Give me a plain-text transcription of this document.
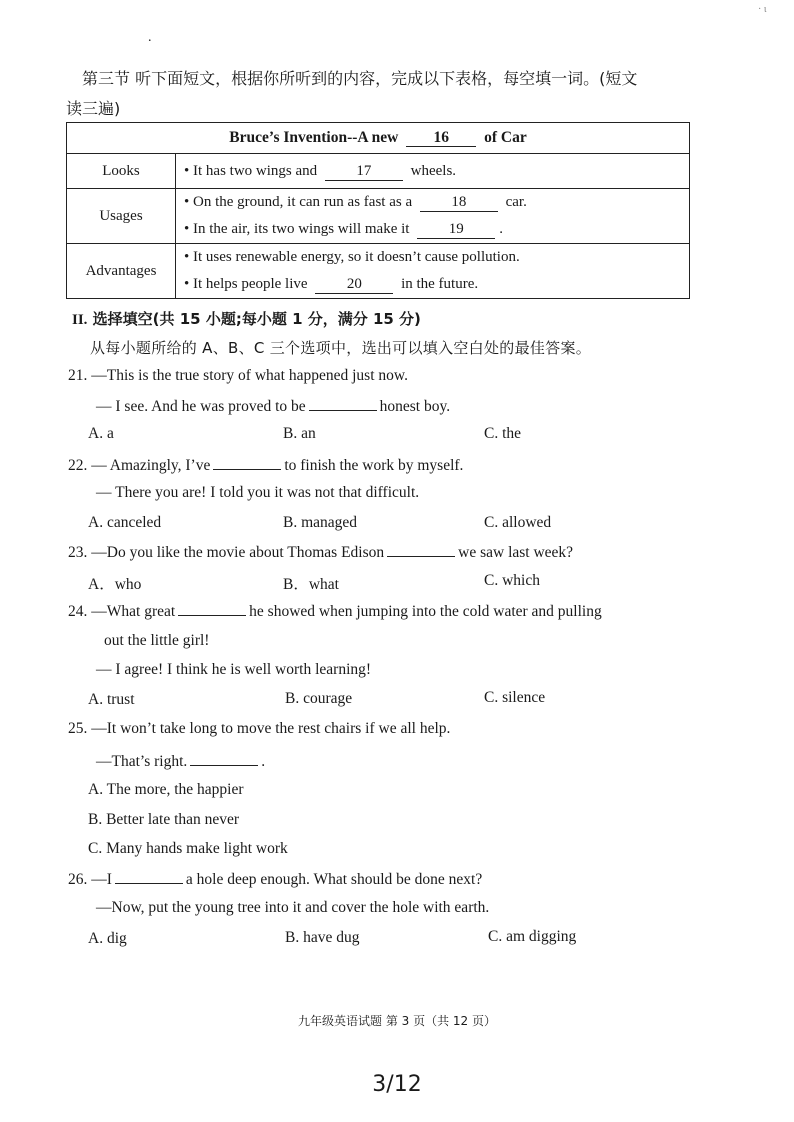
.
· ι
第三节 听下面短文，根据你所听到的内容，完成以下表格，每空填一词。(短文
读三遍)
Bruce’s Invention--A new 16 of Car	
Looks	• It has two wings and 17 wheels.

Usages	• On the ground, it can run as fast as a 18 car.
• In the air, its two wings will make it 19 .

Advantages	• It uses renewable energy, so it doesn’t cause pollution.
• It helps people live 20 in the future.
II. 选择填空(共 15 小题;每小题 1 分，满分 15 分)
从每小题所给的 A、B、C 三个选项中，选出可以填入空白处的最佳答案。
21. —This is the true story of what happened just now.
— I see. And he was proved to be	honest boy.
A. a	B. an	C. the
22. — Amazingly, I’ve	to finish the work by myself.
— There you are! I told you it was not that difficult.
A. canceled	B. managed	C. allowed
23. —Do you like the movie about Thomas Edison	we saw last week?
A．who	B．what	C. which
24. —What great	he showed when jumping into the cold water and pulling
out the little girl!
— I agree! I think he is well worth learning!
A. trust	B. courage	C. silence
25. —It won’t take long to move the rest chairs if we all help.
—That’s right.	.
A. The more, the happier
B. Better late than never
C. Many hands make light work
26. —I	a hole deep enough. What should be done next?
—Now, put the young tree into it and cover the hole with earth.
A. dig	B. have dug	C. am digging
九年级英语试题 第 3 页（共 12 页）
3/12
